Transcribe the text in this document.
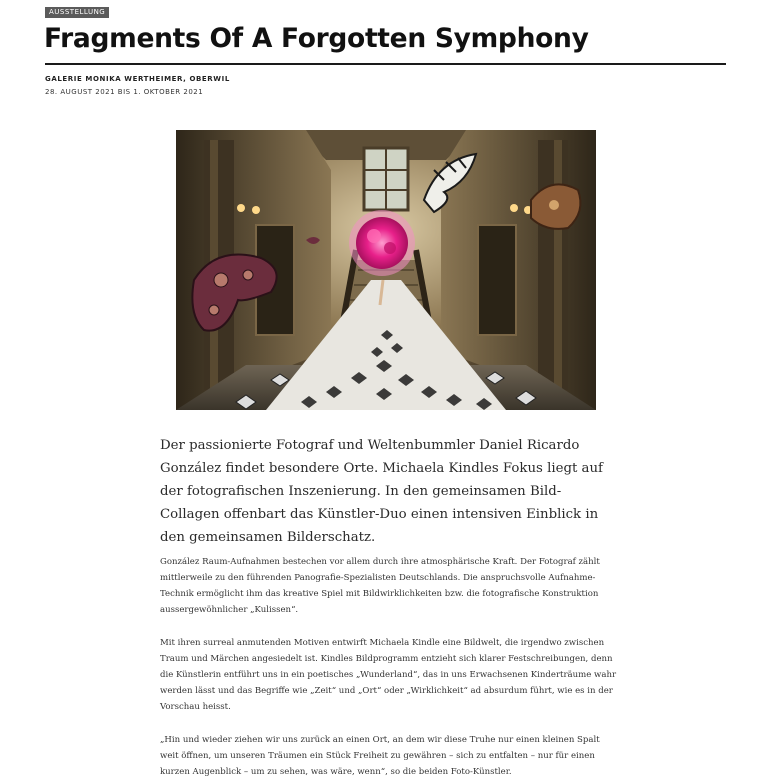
AUSSTELLUNG
Fragments Of A Forgotten Symphony
GALERIE MONIKA WERTHEIMER, OBERWIL
28. AUGUST 2021 BIS 1. OKTOBER 2021

Der passionierte Fotograf und Weltenbummler Daniel Ricardo González findet besondere Orte. Michaela Kindles Fokus liegt auf der fotografischen Inszenierung. In den gemeinsamen Bild-Collagen offenbart das Künstler-Duo einen intensiven Einblick in den gemeinsamen Bilderschatz.

González Raum-Aufnahmen bestechen vor allem durch ihre atmosphärische Kraft. Der Fotograf zählt mittlerweile zu den führenden Panografie-Spezialisten Deutschlands. Die anspruchsvolle Aufnahme-Technik ermöglicht ihm das kreative Spiel mit Bildwirklichkeiten bzw. die fotografische Konstruktion aussergewöhnlicher „Kulissen“.

Mit ihren surreal anmutenden Motiven entwirft Michaela Kindle eine Bildwelt, die irgendwo zwischen Traum und Märchen angesiedelt ist. Kindles Bildprogramm entzieht sich klarer Festschreibungen, denn die Künstlerin entführt uns in ein poetisches „Wunderland“, das in uns Erwachsenen Kinderträume wahr werden lässt und das Begriffe wie „Zeit“ und „Ort“ oder „Wirklichkeit“ ad absurdum führt, wie es in der Vorschau heisst.

„Hin und wieder ziehen wir uns zurück an einen Ort, an dem wir diese Truhe nur einen kleinen Spalt weit öffnen, um unseren Träumen ein Stück Freiheit zu gewähren – sich zu entfalten – nur für einen kurzen Augenblick – um zu sehen, was wäre, wenn“, so die beiden Foto-Künstler.
